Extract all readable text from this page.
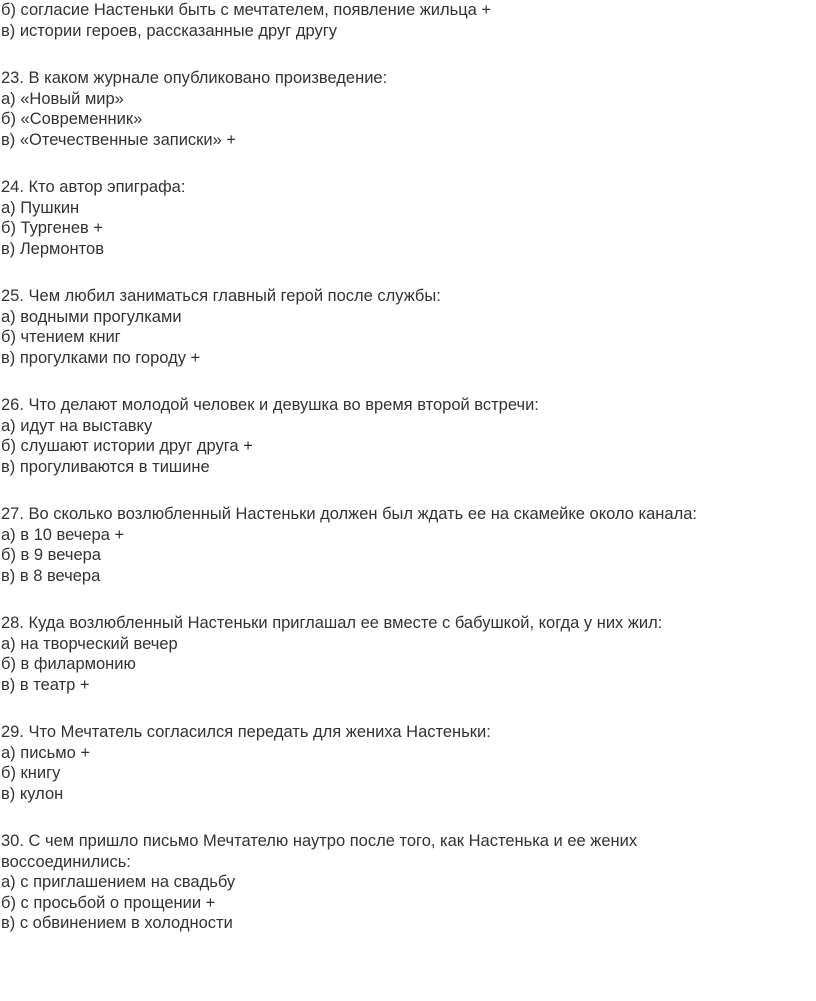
б) согласие Настеньки быть с мечтателем, появление жильца +
в) истории героев, рассказанные друг другу
23. В каком журнале опубликовано произведение:
а) «Новый мир»
б) «Современник»
в) «Отечественные записки» +
24. Кто автор эпиграфа:
а) Пушкин
б) Тургенев +
в) Лермонтов
25. Чем любил заниматься главный герой после службы:
а) водными прогулками
б) чтением книг
в) прогулками по городу +
26. Что делают молодой человек и девушка во время второй встречи:
а) идут на выставку
б) слушают истории друг друга +
в) прогуливаются в тишине
27. Во сколько возлюбленный Настеньки должен был ждать ее на скамейке около канала:
а) в 10 вечера +
б) в 9 вечера
в) в 8 вечера
28. Куда возлюбленный Настеньки приглашал ее вместе с бабушкой, когда у них жил:
а) на творческий вечер
б) в филармонию
в) в театр +
29. Что Мечтатель согласился передать для жениха Настеньки:
а) письмо +
б) книгу
в) кулон
30. С чем пришло письмо Мечтателю наутро после того, как Настенька и ее жених
воссоединились:
а) с приглашением на свадьбу
б) с просьбой о прощении +
в) с обвинением в холодности
